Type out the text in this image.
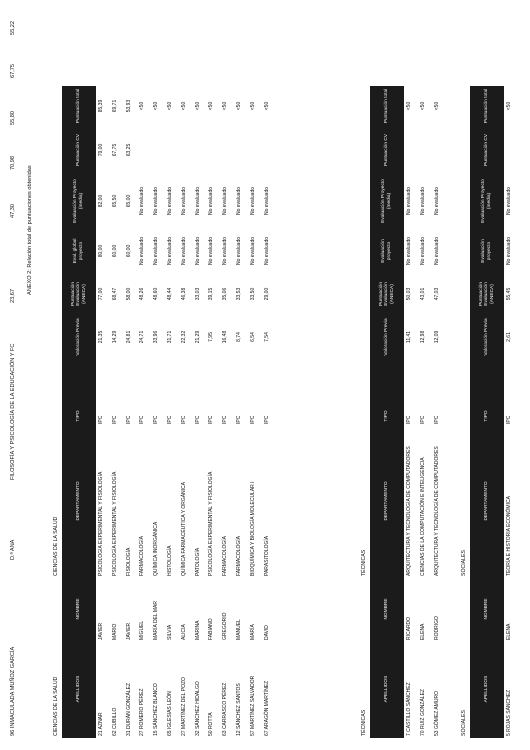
96 INMACULADA MUÑOZ GARCÍA
D.ª ANA
FILOSOFÍA Y PSICOLOGÍA DE LA EDUCACIÓN Y FC
ANEXO 2: Relación total de puntuaciones obtenidas
23,67
47,30
70,98
55,80
67,75
55,22
CIENCIAS DE LA SALUD
CIENCIAS DE LA SALUD
APELLIDOS
NOMBRE
DEPARTAMENTO
TIPO
Valoración Previa
Puntuación Evaluación (ANECA)
Eval. global proyecto
Evaluación Proyecto (media)
Puntuación CV
Puntuación total
21 AZNAR
JAVIER
PSICOLOGÍA EXPERIMENTAL Y FISIOLOGÍA
IPC
21,35
77,00
80,00
82,00
79,00
85,39
62 CUBILLO
MARIO
PSICOLOGÍA EXPERIMENTAL Y FISIOLOGÍA
IPC
14,29
68,47
60,00
65,50
67,75
69,71
31 DURÁN GONZÁLEZ
JAVIER
FISIOLOGÍA
IPC
24,81
58,00
60,00
65,00
63,25
53,93
27 ROMERO PÉREZ
MIGUEL
FARMACOLOGÍA
IPC
24,71
48,26
No evaluado
No evaluado
<50
15 SÁNCHEZ BLANCO
MARÍA DEL MAR
QUÍMICA INORGÁNICA
IPC
33,96
48,60
No evaluado
No evaluado
<50
65 IGLESIAS LEÓN
SILVIA
HISTOLOGÍA
IPC
31,71
48,44
No evaluado
No evaluado
<50
27 MARTÍNEZ DEL POZO
ALICIA
QUÍMICA FARMACÉUTICA Y ORGÁNICA
IPC
22,32
46,38
No evaluado
No evaluado
<50
32 SÁNCHEZ HIDALGO
MARINA
PATOLOGÍA
IPC
21,29
33,03
No evaluado
No evaluado
<50
50 ROTTA
FABIANO
PSICOLOGÍA EXPERIMENTAL Y FISIOLOGÍA
IPC
7,95
39,15
No evaluado
No evaluado
<50
63 CARRASCO PÉREZ
GREGORIO
FARMACOLOGÍA
IPC
16,48
35,06
No evaluado
No evaluado
<50
12 SÁNCHEZ SANTOS
MANUEL
FARMACOLOGÍA
IPC
8,74
33,53
No evaluado
No evaluado
<50
57 MARTÍNEZ SALVADOR
MARÍA
BIOQUÍMICA Y BIOLOGÍA MOLECULAR I
IPC
6,54
33,50
No evaluado
No evaluado
<50
67 ARAGÓN MARTÍNEZ
DAVID
PARASITOLOGÍA
IPC
7,54
29,00
No evaluado
No evaluado
<50
TÉCNICAS
TÉCNICAS
APELLIDOS
NOMBRE
DEPARTAMENTO
TIPO
Valoración Previa
Puntuación Evaluación (ANECA)
Evaluación proyecto
Evaluación Proyecto (media)
Puntuación CV
Puntuación total
7 CASTILLO SÁNCHEZ
RICARDO
ARQUITECTURA Y TECNOLOGÍA DE COMPUTADORES
IPC
11,41
50,03
No evaluado
No evaluado
<50
70 RUIZ GONZÁLEZ
ELENA
CIENCIAS DE LA COMPUTACIÓN E INTELIGENCIA
IPC
12,98
43,01
No evaluado
No evaluado
<50
53 GÓMEZ AMURO
RODRIGO
ARQUITECTURA Y TECNOLOGÍA DE COMPUTADORES
IPC
12,09
47,03
No evaluado
No evaluado
<50
SOCIALES
SOCIALES
APELLIDOS
NOMBRE
DEPARTAMENTO
TIPO
Valoración Previa
Puntuación Evaluación (ANECA)
Evaluación proyecto
Evaluación Proyecto (media)
Puntuación CV
Puntuación total
5 ROJAS SÁNCHEZ
ELENA
TEORÍA E HISTORIA ECONÓMICA
IPC
2,61
55,45
No evaluado
No evaluado
<50
